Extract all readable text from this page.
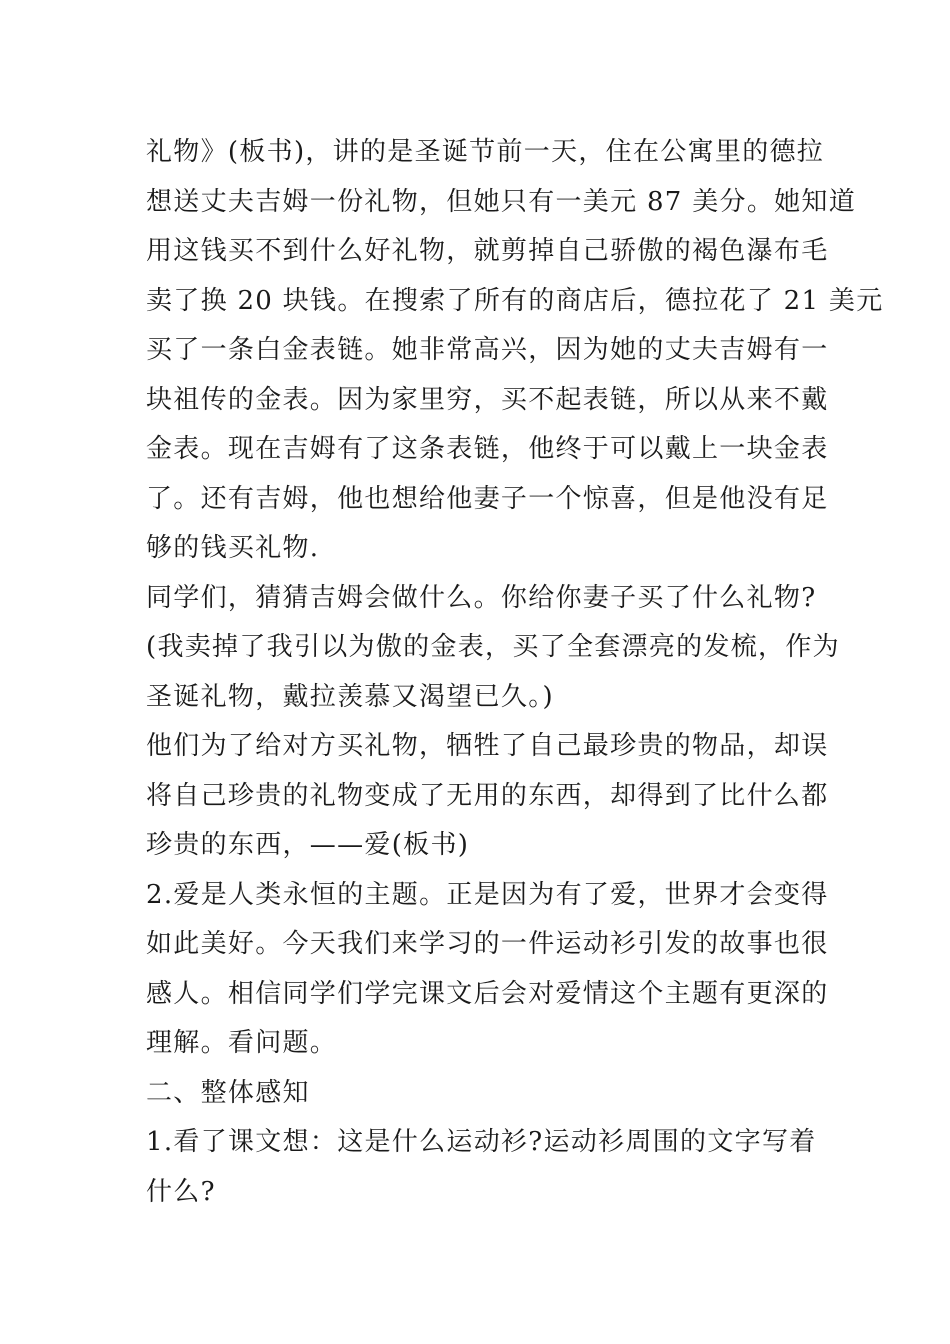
礼物》(板书)，讲的是圣诞节前一天，住在公寓里的德拉
想送丈夫吉姆一份礼物，但她只有一美元 87 美分。她知道
用这钱买不到什么好礼物，就剪掉自己骄傲的褐色瀑布毛
卖了换 20 块钱。在搜索了所有的商店后，德拉花了 21 美元
买了一条白金表链。她非常高兴，因为她的丈夫吉姆有一
块祖传的金表。因为家里穷，买不起表链，所以从来不戴
金表。现在吉姆有了这条表链，他终于可以戴上一块金表
了。还有吉姆，他也想给他妻子一个惊喜，但是他没有足
够的钱买礼物.
同学们，猜猜吉姆会做什么。你给你妻子买了什么礼物?
(我卖掉了我引以为傲的金表，买了全套漂亮的发梳，作为
圣诞礼物，戴拉羡慕又渴望已久。)
他们为了给对方买礼物，牺牲了自己最珍贵的物品，却误
将自己珍贵的礼物变成了无用的东西，却得到了比什么都
珍贵的东西，——爱(板书)
2.爱是人类永恒的主题。正是因为有了爱，世界才会变得
如此美好。今天我们来学习的一件运动衫引发的故事也很
感人。相信同学们学完课文后会对爱情这个主题有更深的
理解。看问题。
二、整体感知
1.看了课文想：这是什么运动衫?运动衫周围的文字写着
什么?
